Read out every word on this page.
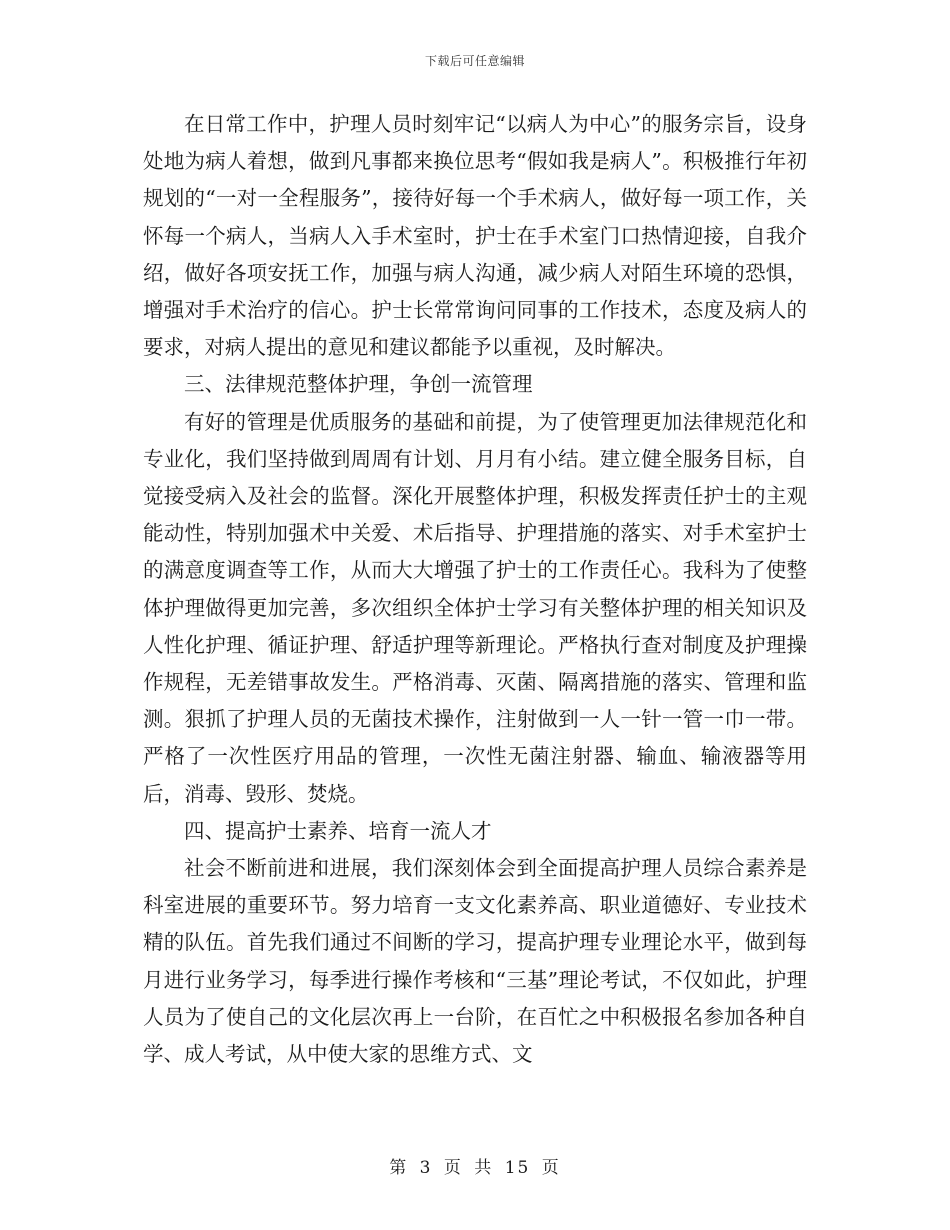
下载后可任意编辑

在日常工作中，护理人员时刻牢记“以病人为中心”的服务宗旨，设身处地为病人着想，做到凡事都来换位思考“假如我是病人”。积极推行年初规划的“一对一全程服务”，接待好每一个手术病人，做好每一项工作，关怀每一个病人，当病人入手术室时，护士在手术室门口热情迎接，自我介绍，做好各项安抚工作，加强与病人沟通，减少病人对陌生环境的恐惧，增强对手术治疗的信心。护士长常常询问同事的工作技术，态度及病人的要求，对病人提出的意见和建议都能予以重视，及时解决。

三、法律规范整体护理，争创一流管理

有好的管理是优质服务的基础和前提，为了使管理更加法律规范化和专业化，我们坚持做到周周有计划、月月有小结。建立健全服务目标，自觉接受病入及社会的监督。深化开展整体护理，积极发挥责任护士的主观能动性，特别加强术中关爱、术后指导、护理措施的落实、对手术室护士的满意度调查等工作，从而大大增强了护士的工作责任心。我科为了使整体护理做得更加完善，多次组织全体护士学习有关整体护理的相关知识及人性化护理、循证护理、舒适护理等新理论。严格执行查对制度及护理操作规程，无差错事故发生。严格消毒、灭菌、隔离措施的落实、管理和监测。狠抓了护理人员的无菌技术操作，注射做到一人一针一管一巾一带。严格了一次性医疗用品的管理，一次性无菌注射器、输血、输液器等用后，消毒、毁形、焚烧。

四、提高护士素养、培育一流人才

社会不断前进和进展，我们深刻体会到全面提高护理人员综合素养是科室进展的重要环节。努力培育一支文化素养高、职业道德好、专业技术精的队伍。首先我们通过不间断的学习，提高护理专业理论水平，做到每月进行业务学习，每季进行操作考核和“三基”理论考试，不仅如此，护理人员为了使自己的文化层次再上一台阶，在百忙之中积极报名参加各种自学、成人考试，从中使大家的思维方式、文

第 3 页 共 15 页
